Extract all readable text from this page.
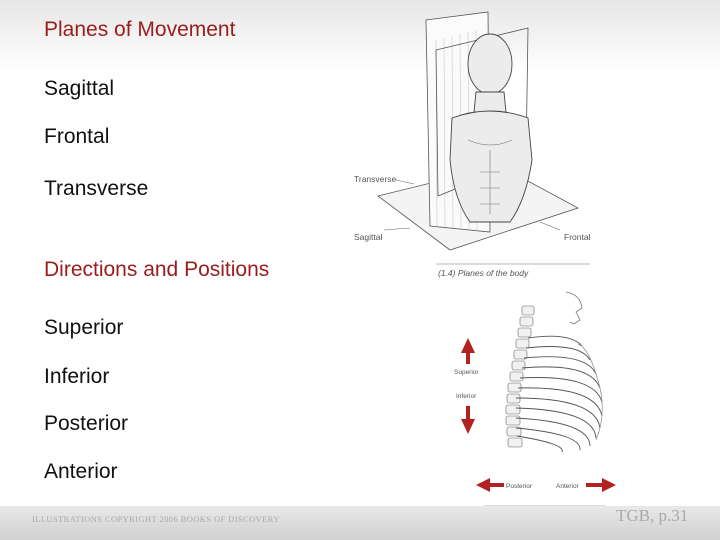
Planes of Movement

Sagittal

Frontal

Transverse

Directions and Positions

Superior

Inferior

Posterior

Anterior

Transverse
Sagittal	Frontal
(1.4) Planes of the body
Superior
Inferior
Posterior	Anterior
ILLUSTRATIONS COPYRIGHT 2006 BOOKS OF DISCOVERY	TGB, p.31
